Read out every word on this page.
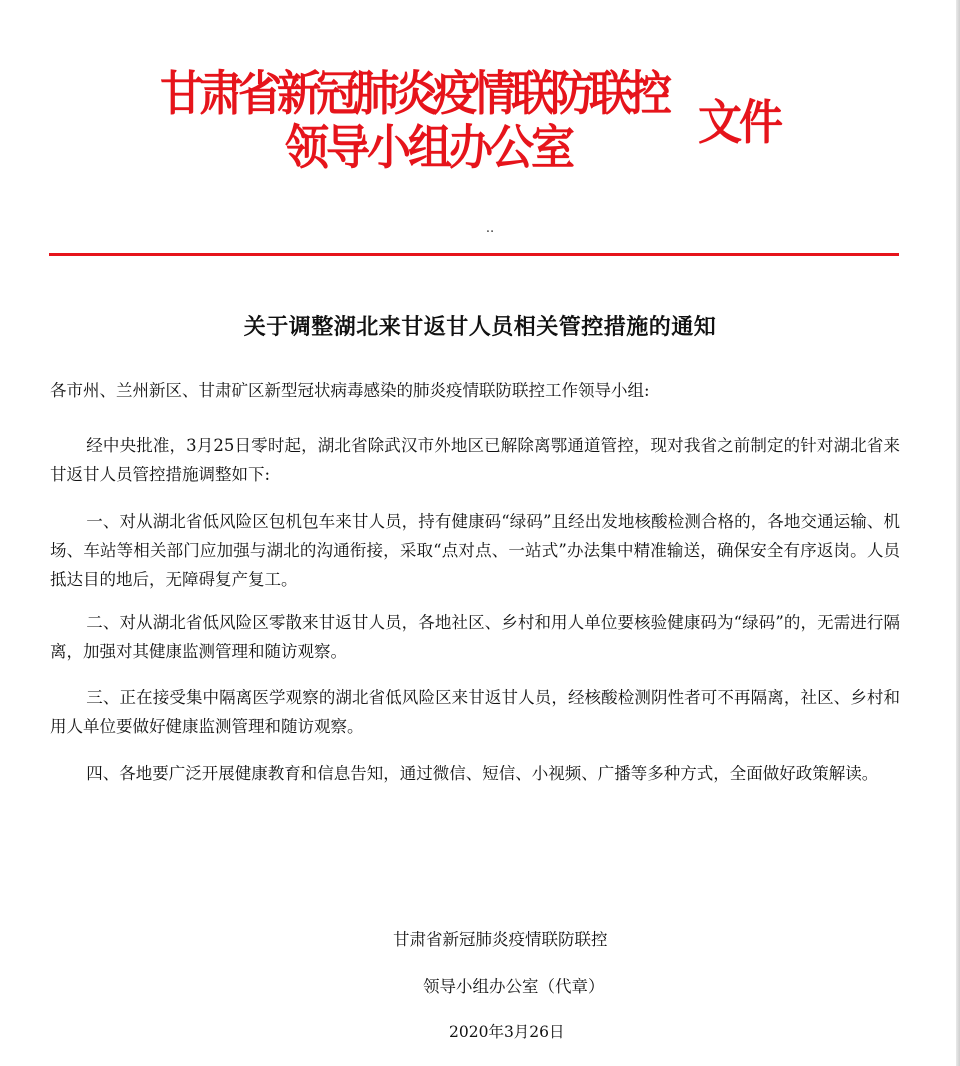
甘肃省新冠肺炎疫情联防联控
领导小组办公室	文件
..
关于调整湖北来甘返甘人员相关管控措施的通知
各市州、兰州新区、甘肃矿区新型冠状病毒感染的肺炎疫情联防联控工作领导小组:
经中央批准，3月25日零时起，湖北省除武汉市外地区已解除离鄂通道管控，现对我省之前制定的针对湖北省来甘返甘人员管控措施调整如下:
一、对从湖北省低风险区包机包车来甘人员，持有健康码“绿码”且经出发地核酸检测合格的，各地交通运输、机场、车站等相关部门应加强与湖北的沟通衔接，采取“点对点、一站式”办法集中精准输送，确保安全有序返岗。人员抵达目的地后，无障碍复产复工。
二、对从湖北省低风险区零散来甘返甘人员，各地社区、乡村和用人单位要核验健康码为“绿码”的，无需进行隔离，加强对其健康监测管理和随访观察。
三、正在接受集中隔离医学观察的湖北省低风险区来甘返甘人员，经核酸检测阴性者可不再隔离，社区、乡村和用人单位要做好健康监测管理和随访观察。
四、各地要广泛开展健康教育和信息告知，通过微信、短信、小视频、广播等多种方式，全面做好政策解读。
甘肃省新冠肺炎疫情联防联控
领导小组办公室（代章）
2020年3月26日
